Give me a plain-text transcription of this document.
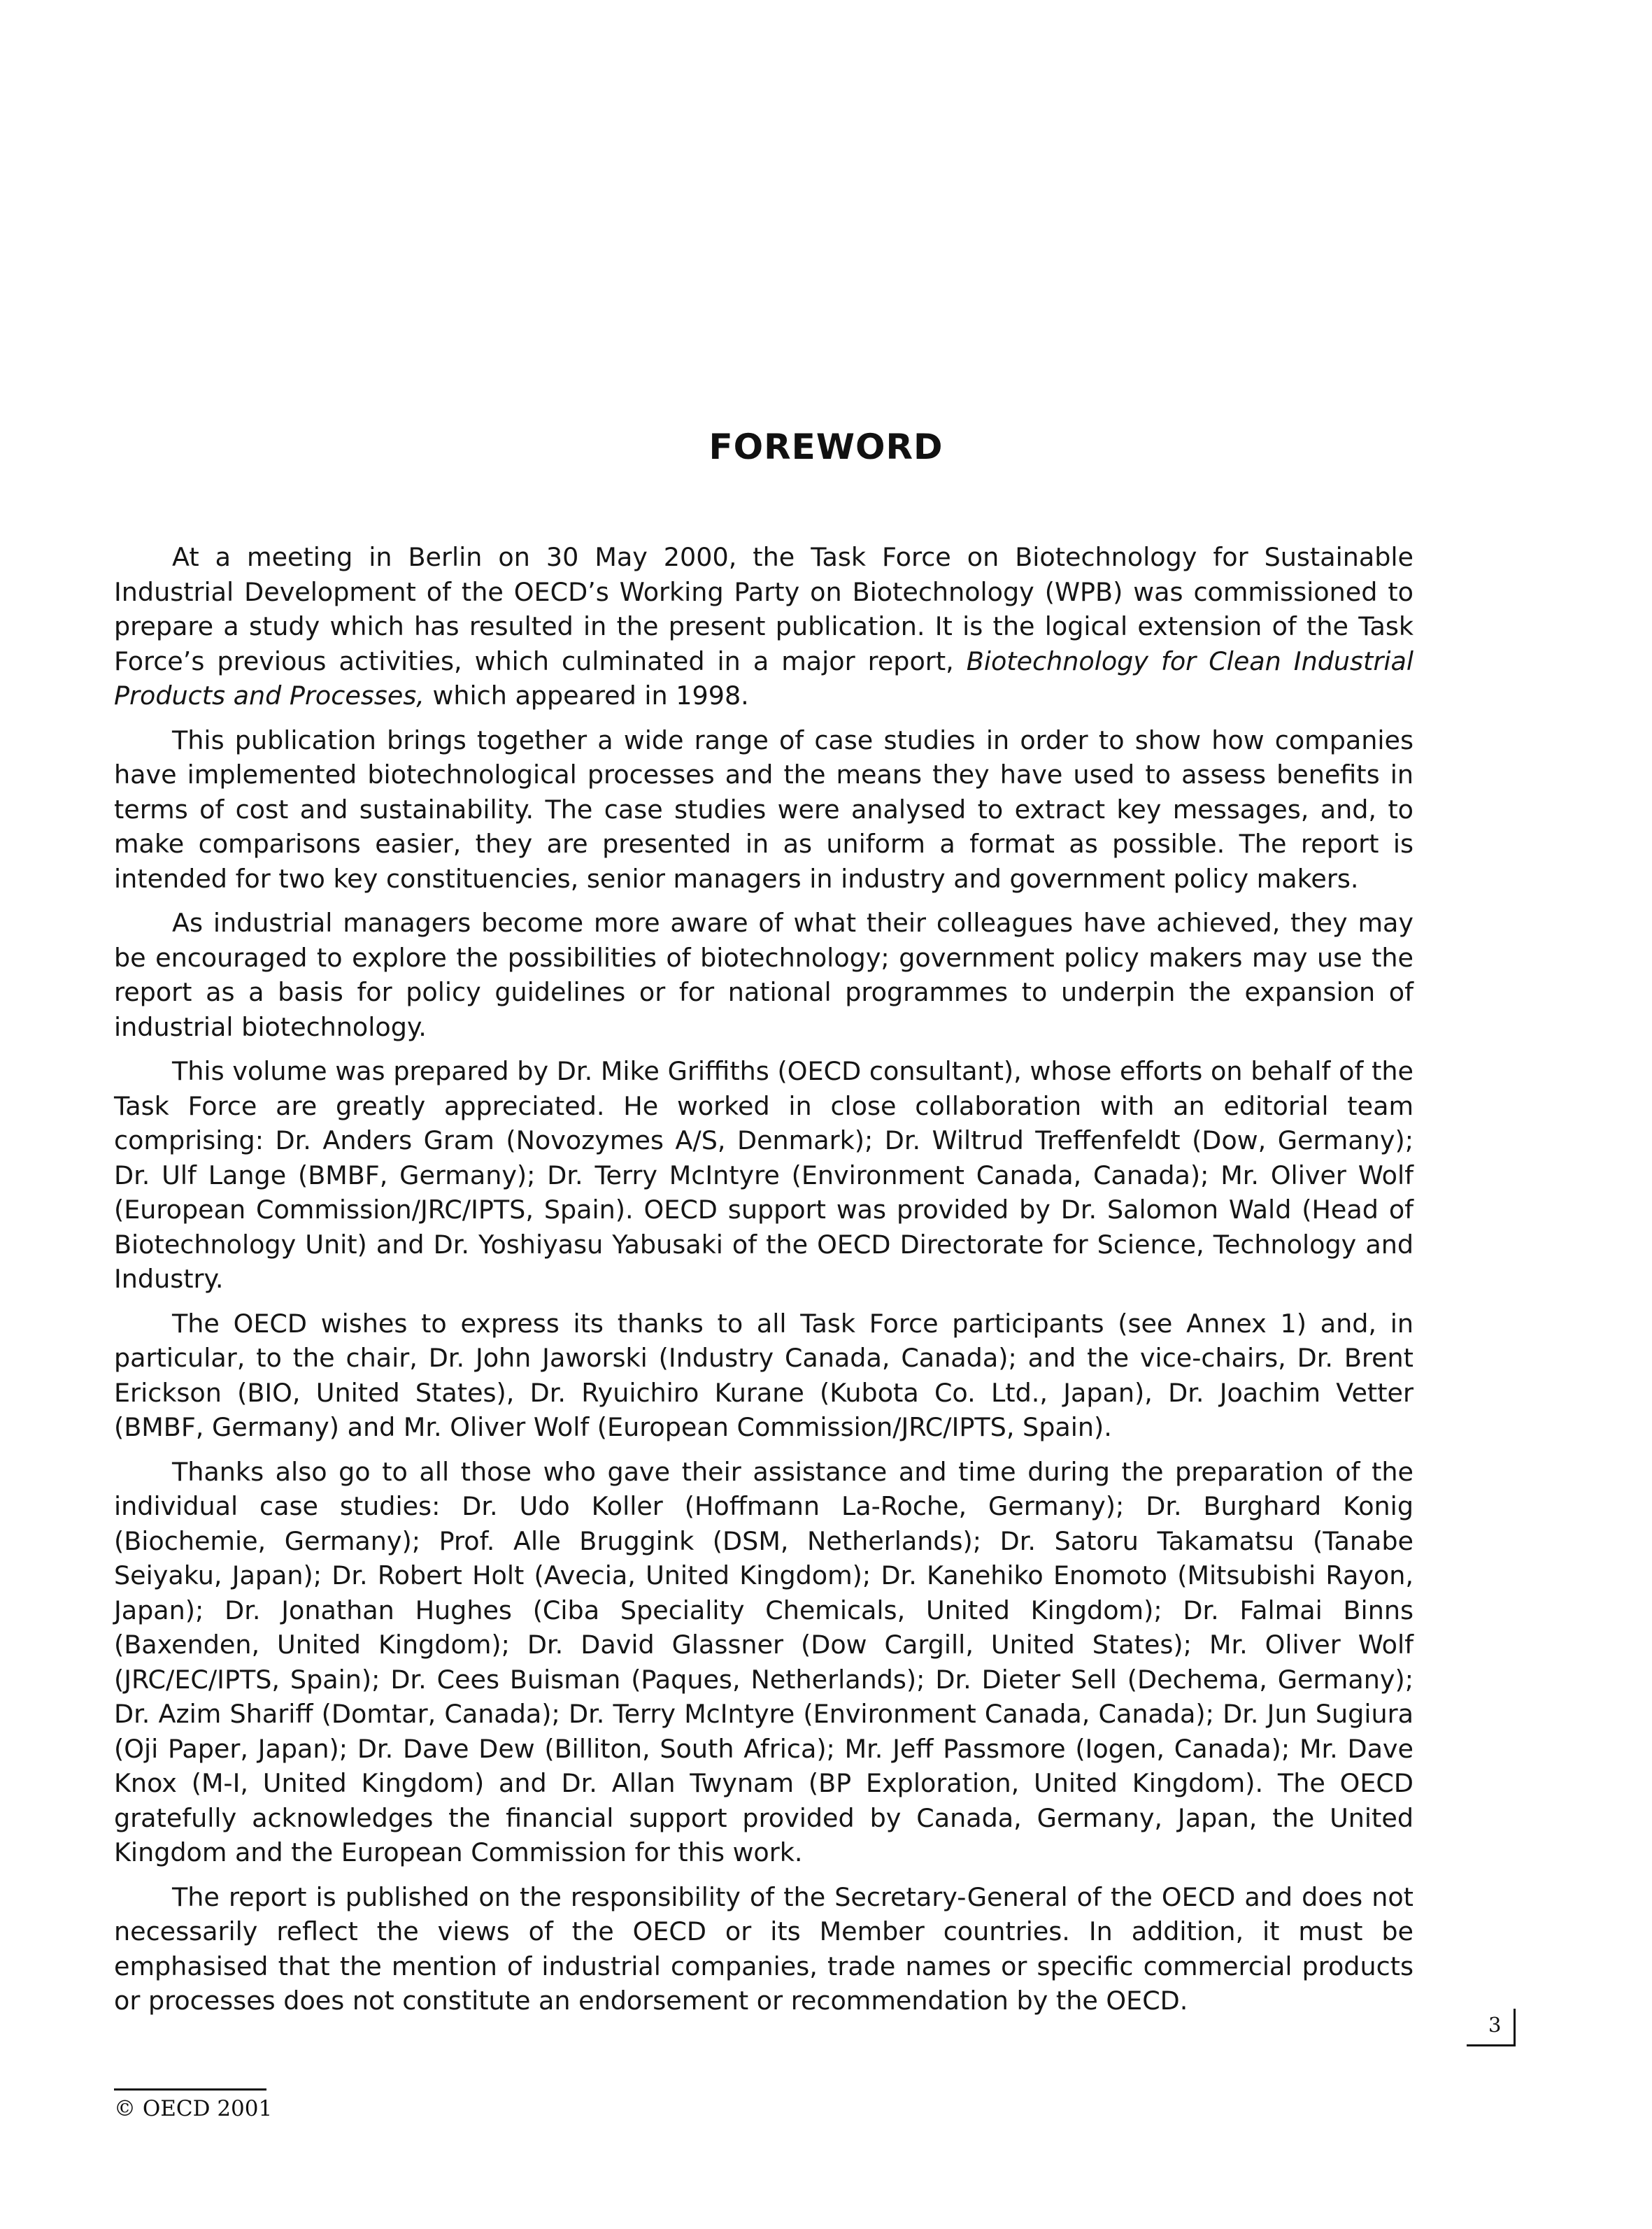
FOREWORD

At a meeting in Berlin on 30 May 2000, the Task Force on Biotechnology for Sustainable Industrial Development of the OECD’s Working Party on Biotechnology (WPB) was commissioned to prepare a study which has resulted in the present publication. It is the logical extension of the Task Force’s previous activities, which culminated in a major report, Biotechnology for Clean Industrial Products and Processes, which appeared in 1998.

This publication brings together a wide range of case studies in order to show how companies have implemented biotechnological processes and the means they have used to assess benefits in terms of cost and sustainability. The case studies were analysed to extract key messages, and, to make comparisons easier, they are presented in as uniform a format as possible. The report is intended for two key constituencies, senior managers in industry and government policy makers.

As industrial managers become more aware of what their colleagues have achieved, they may be encouraged to explore the possibilities of biotechnology; government policy makers may use the report as a basis for policy guidelines or for national programmes to underpin the expansion of industrial biotechnology.

This volume was prepared by Dr. Mike Griffiths (OECD consultant), whose efforts on behalf of the Task Force are greatly appreciated. He worked in close collaboration with an editorial team comprising: Dr. Anders Gram (Novozymes A/S, Denmark); Dr. Wiltrud Treffenfeldt (Dow, Germany); Dr. Ulf Lange (BMBF, Germany); Dr. Terry McIntyre (Environment Canada, Canada); Mr. Oliver Wolf (European Commission/JRC/IPTS, Spain). OECD support was provided by Dr. Salomon Wald (Head of Biotechnology Unit) and Dr. Yoshiyasu Yabusaki of the OECD Directorate for Science, Technology and Industry.

The OECD wishes to express its thanks to all Task Force participants (see Annex 1) and, in particular, to the chair, Dr. John Jaworski (Industry Canada, Canada); and the vice-chairs, Dr. Brent Erickson (BIO, United States), Dr. Ryuichiro Kurane (Kubota Co. Ltd., Japan), Dr. Joachim Vetter (BMBF, Germany) and Mr. Oliver Wolf (European Commission/JRC/IPTS, Spain).

Thanks also go to all those who gave their assistance and time during the preparation of the individual case studies: Dr. Udo Koller (Hoffmann La-Roche, Germany); Dr. Burghard Konig (Biochemie, Germany); Prof. Alle Bruggink (DSM, Netherlands); Dr. Satoru Takamatsu (Tanabe Seiyaku, Japan); Dr. Robert Holt (Avecia, United Kingdom); Dr. Kanehiko Enomoto (Mitsubishi Rayon, Japan); Dr. Jonathan Hughes (Ciba Speciality Chemicals, United Kingdom); Dr. Falmai Binns (Baxenden, United Kingdom); Dr. David Glassner (Dow Cargill, United States); Mr. Oliver Wolf (JRC/EC/IPTS, Spain); Dr. Cees Buisman (Paques, Netherlands); Dr. Dieter Sell (Dechema, Germany); Dr. Azim Shariff (Domtar, Canada); Dr. Terry McIntyre (Environment Canada, Canada); Dr. Jun Sugiura (Oji Paper, Japan); Dr. Dave Dew (Billiton, South Africa); Mr. Jeff Passmore (Iogen, Canada); Mr. Dave Knox (M-I, United Kingdom) and Dr. Allan Twynam (BP Exploration, United Kingdom). The OECD gratefully acknowledges the financial support provided by Canada, Germany, Japan, the United Kingdom and the European Commission for this work.

The report is published on the responsibility of the Secretary-General of the OECD and does not necessarily reflect the views of the OECD or its Member countries. In addition, it must be emphasised that the mention of industrial companies, trade names or specific commercial products or processes does not constitute an endorsement or recommendation by the OECD.

3
© OECD 2001
